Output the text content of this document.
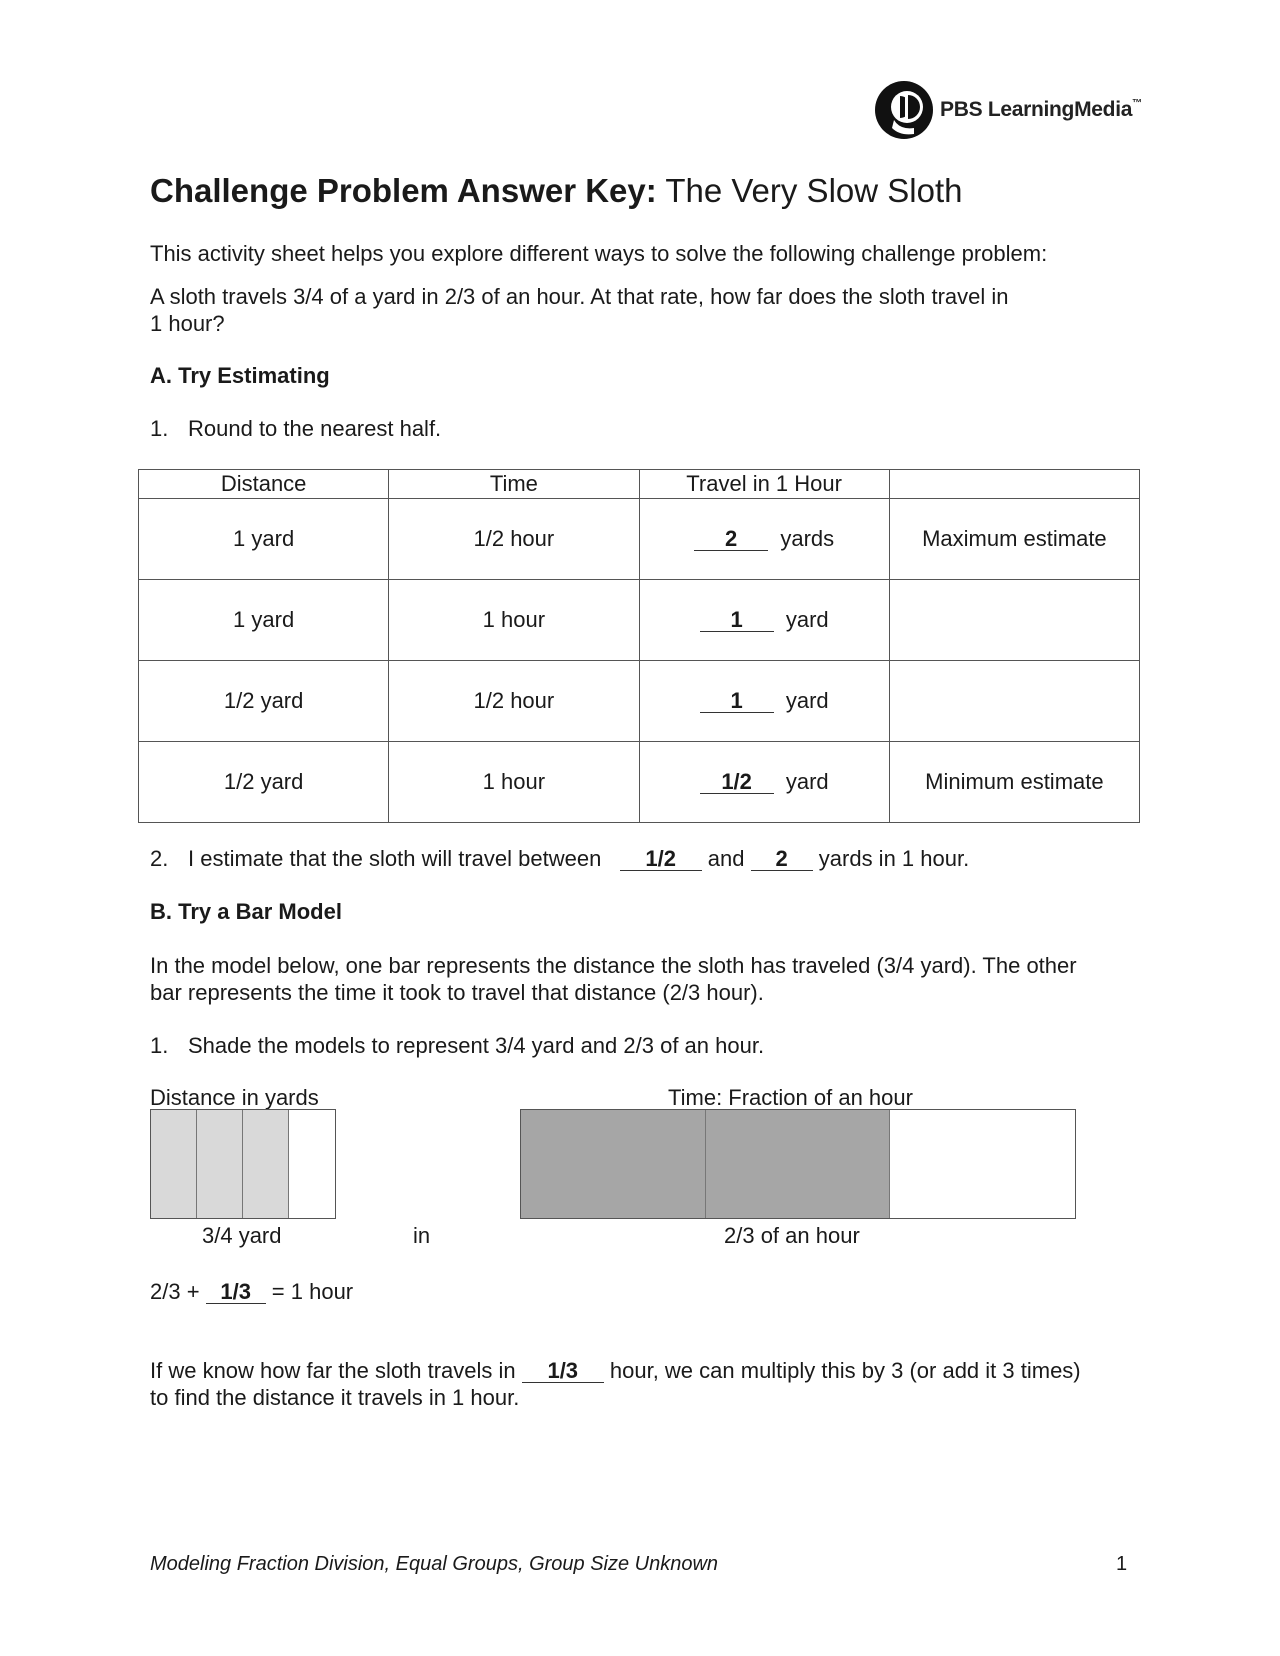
PBS LearningMedia™
Challenge Problem Answer Key: The Very Slow Sloth
This activity sheet helps you explore different ways to solve the following challenge problem:
A sloth travels 3/4 of a yard in 2/3 of an hour. At that rate, how far does the sloth travel in
1 hour?
A. Try Estimating
1. Round to the nearest half.
Distance	Time	Travel in 1 Hour	
1 yard	1/2 hour	2 yards	Maximum estimate
1 yard	1 hour	1 yard	
1/2 yard	1/2 hour	1 yard	
1/2 yard	1 hour	1/2 yard	Minimum estimate
2. I estimate that the sloth will travel between 1/2 and 2 yards in 1 hour.
B. Try a Bar Model
In the model below, one bar represents the distance the sloth has traveled (3/4 yard). The other
bar represents the time it took to travel that distance (2/3 hour).
1. Shade the models to represent 3/4 yard and 2/3 of an hour.
Distance in yards	Time: Fraction of an hour
3/4 yard	in	2/3 of an hour
2/3 + 1/3 = 1 hour
If we know how far the sloth travels in 1/3 hour, we can multiply this by 3 (or add it 3 times)
to find the distance it travels in 1 hour.
Modeling Fraction Division, Equal Groups, Group Size Unknown	1
